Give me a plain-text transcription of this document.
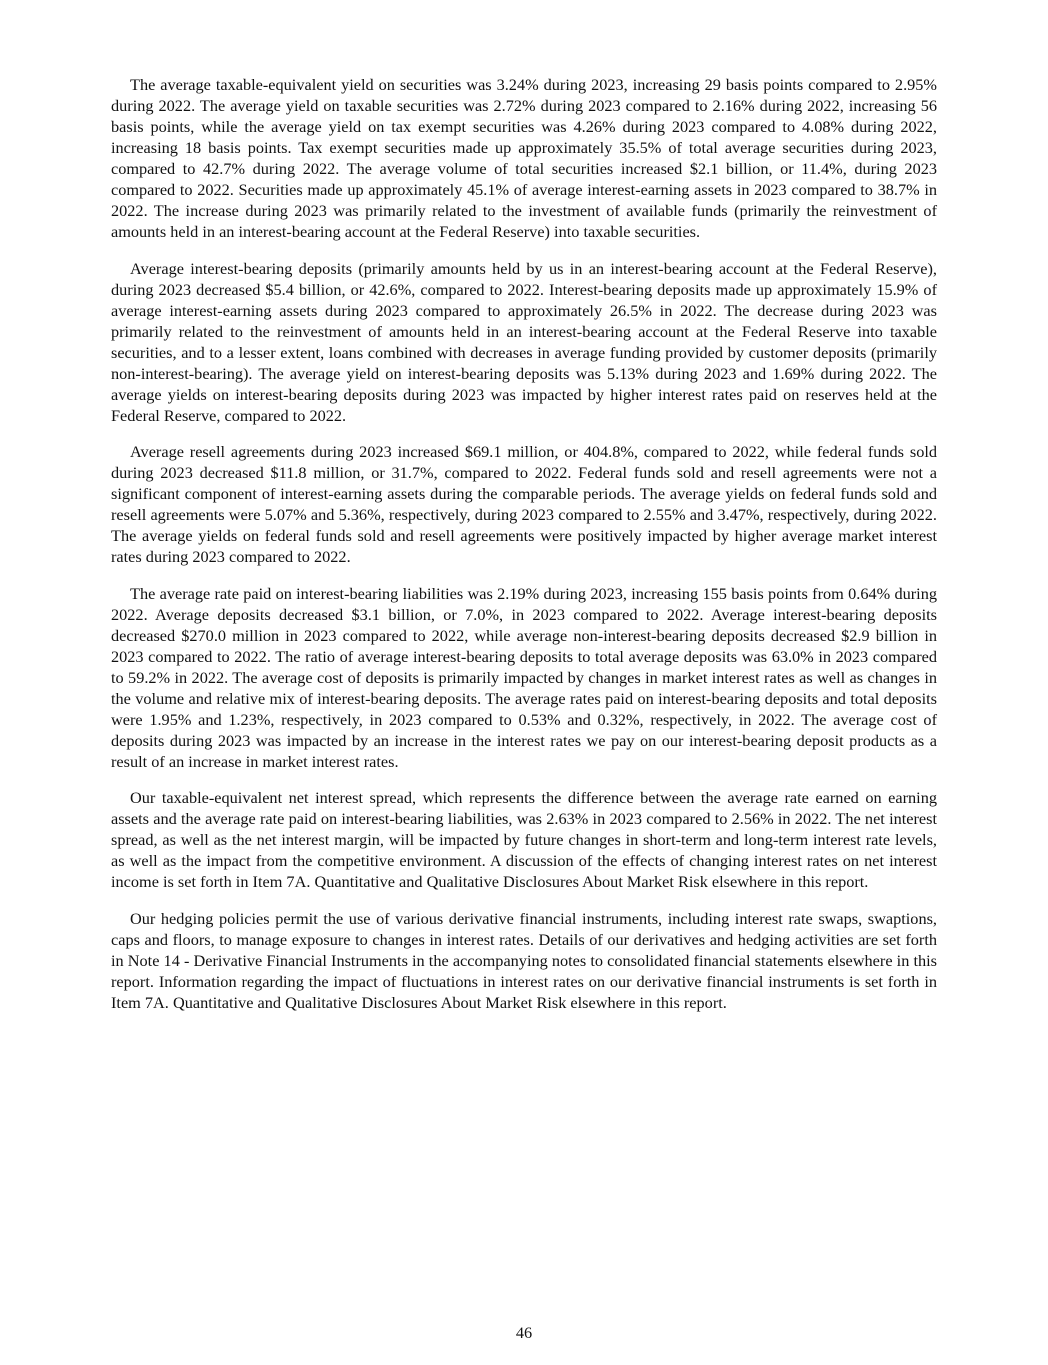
The average taxable-equivalent yield on securities was 3.24% during 2023, increasing 29 basis points compared to 2.95% during 2022. The average yield on taxable securities was 2.72% during 2023 compared to 2.16% during 2022, increasing 56 basis points, while the average yield on tax exempt securities was 4.26% during 2023 compared to 4.08% during 2022, increasing 18 basis points. Tax exempt securities made up approximately 35.5% of total average securities during 2023, compared to 42.7% during 2022. The average volume of total securities increased $2.1 billion, or 11.4%, during 2023 compared to 2022. Securities made up approximately 45.1% of average interest-earning assets in 2023 compared to 38.7% in 2022. The increase during 2023 was primarily related to the investment of available funds (primarily the reinvestment of amounts held in an interest-bearing account at the Federal Reserve) into taxable securities.

Average interest-bearing deposits (primarily amounts held by us in an interest-bearing account at the Federal Reserve), during 2023 decreased $5.4 billion, or 42.6%, compared to 2022. Interest-bearing deposits made up approximately 15.9% of average interest-earning assets during 2023 compared to approximately 26.5% in 2022. The decrease during 2023 was primarily related to the reinvestment of amounts held in an interest-bearing account at the Federal Reserve into taxable securities, and to a lesser extent, loans combined with decreases in average funding provided by customer deposits (primarily non-interest-bearing). The average yield on interest-bearing deposits was 5.13% during 2023 and 1.69% during 2022. The average yields on interest-bearing deposits during 2023 was impacted by higher interest rates paid on reserves held at the Federal Reserve, compared to 2022.

Average resell agreements during 2023 increased $69.1 million, or 404.8%, compared to 2022, while federal funds sold during 2023 decreased $11.8 million, or 31.7%, compared to 2022. Federal funds sold and resell agreements were not a significant component of interest-earning assets during the comparable periods. The average yields on federal funds sold and resell agreements were 5.07% and 5.36%, respectively, during 2023 compared to 2.55% and 3.47%, respectively, during 2022. The average yields on federal funds sold and resell agreements were positively impacted by higher average market interest rates during 2023 compared to 2022.

The average rate paid on interest-bearing liabilities was 2.19% during 2023, increasing 155 basis points from 0.64% during 2022. Average deposits decreased $3.1 billion, or 7.0%, in 2023 compared to 2022. Average interest-bearing deposits decreased $270.0 million in 2023 compared to 2022, while average non-interest-bearing deposits decreased $2.9 billion in 2023 compared to 2022. The ratio of average interest-bearing deposits to total average deposits was 63.0% in 2023 compared to 59.2% in 2022. The average cost of deposits is primarily impacted by changes in market interest rates as well as changes in the volume and relative mix of interest-bearing deposits. The average rates paid on interest-bearing deposits and total deposits were 1.95% and 1.23%, respectively, in 2023 compared to 0.53% and 0.32%, respectively, in 2022. The average cost of deposits during 2023 was impacted by an increase in the interest rates we pay on our interest-bearing deposit products as a result of an increase in market interest rates.

Our taxable-equivalent net interest spread, which represents the difference between the average rate earned on earning assets and the average rate paid on interest-bearing liabilities, was 2.63% in 2023 compared to 2.56% in 2022. The net interest spread, as well as the net interest margin, will be impacted by future changes in short-term and long-term interest rate levels, as well as the impact from the competitive environment. A discussion of the effects of changing interest rates on net interest income is set forth in Item 7A. Quantitative and Qualitative Disclosures About Market Risk elsewhere in this report.

Our hedging policies permit the use of various derivative financial instruments, including interest rate swaps, swaptions, caps and floors, to manage exposure to changes in interest rates. Details of our derivatives and hedging activities are set forth in Note 14 - Derivative Financial Instruments in the accompanying notes to consolidated financial statements elsewhere in this report. Information regarding the impact of fluctuations in interest rates on our derivative financial instruments is set forth in Item 7A. Quantitative and Qualitative Disclosures About Market Risk elsewhere in this report.

46
